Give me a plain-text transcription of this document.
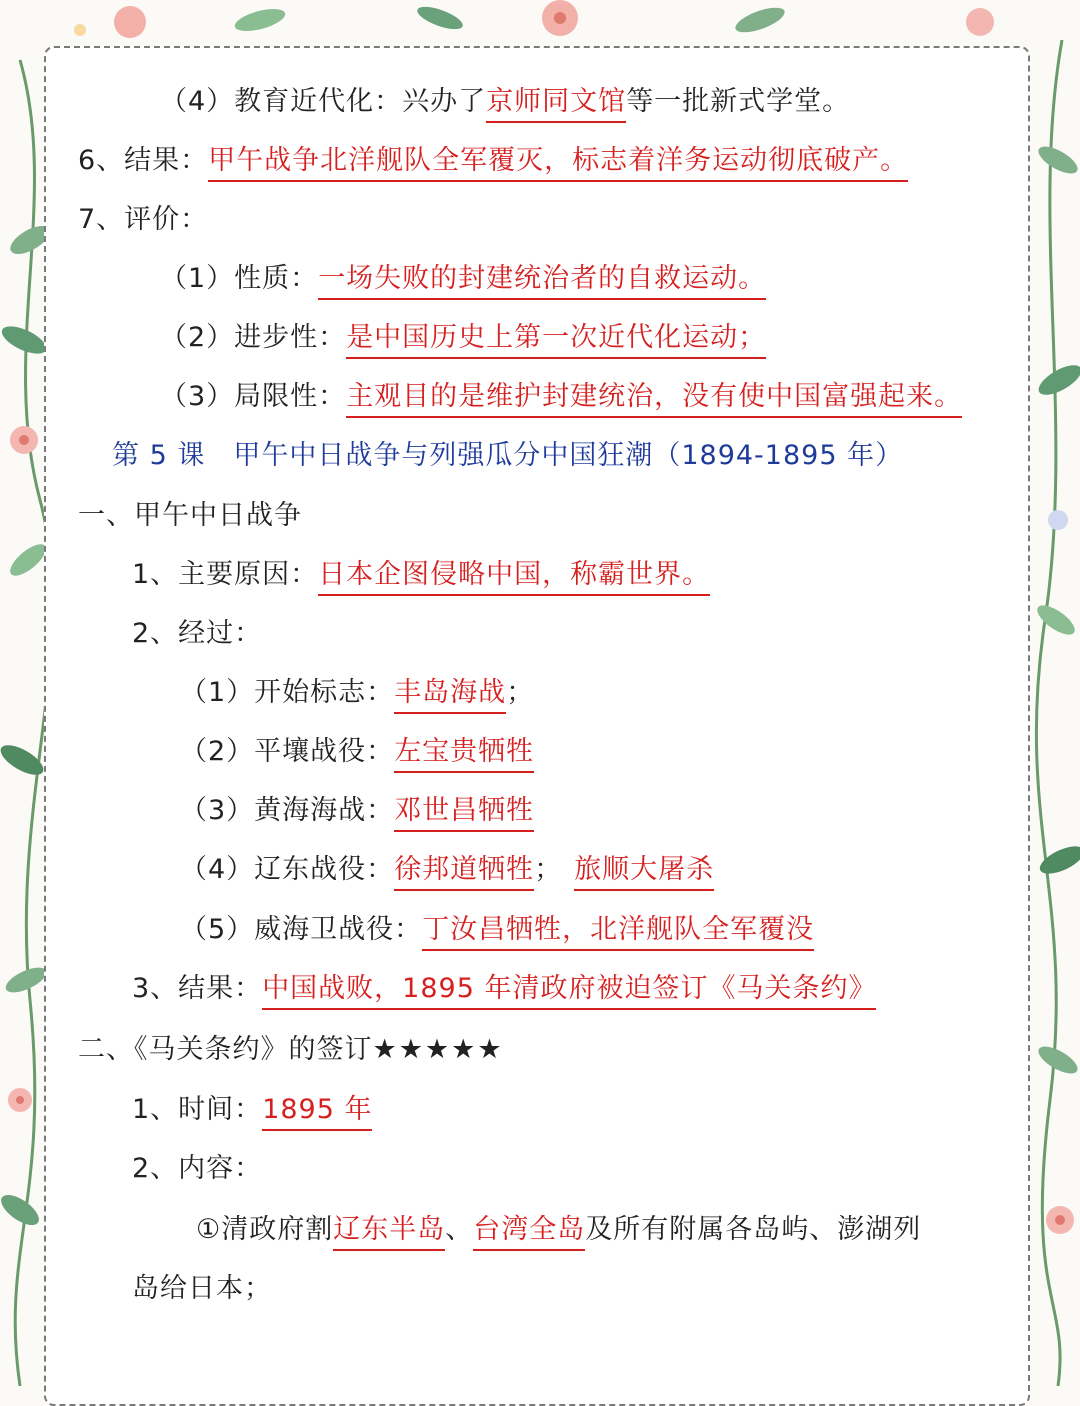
（4）教育近代化：兴办了京师同文馆等一批新式学堂。
6、结果：甲午战争北洋舰队全军覆灭，标志着洋务运动彻底破产。
7、评价：
（1）性质：一场失败的封建统治者的自救运动。
（2）进步性：是中国历史上第一次近代化运动；
（3）局限性：主观目的是维护封建统治，没有使中国富强起来。
第 5 课　甲午中日战争与列强瓜分中国狂潮（1894-1895 年）
一、甲午中日战争
1、主要原因：日本企图侵略中国，称霸世界。
2、经过：
（1）开始标志：丰岛海战；
（2）平壤战役：左宝贵牺牲
（3）黄海海战：邓世昌牺牲
（4）辽东战役：徐邦道牺牲； 旅顺大屠杀
（5）威海卫战役：丁汝昌牺牲，北洋舰队全军覆没
3、结果：中国战败，1895 年清政府被迫签订《马关条约》
二、《马关条约》的签订★★★★★
1、时间：1895 年
2、内容：
①清政府割辽东半岛、台湾全岛及所有附属各岛屿、澎湖列
岛给日本；
